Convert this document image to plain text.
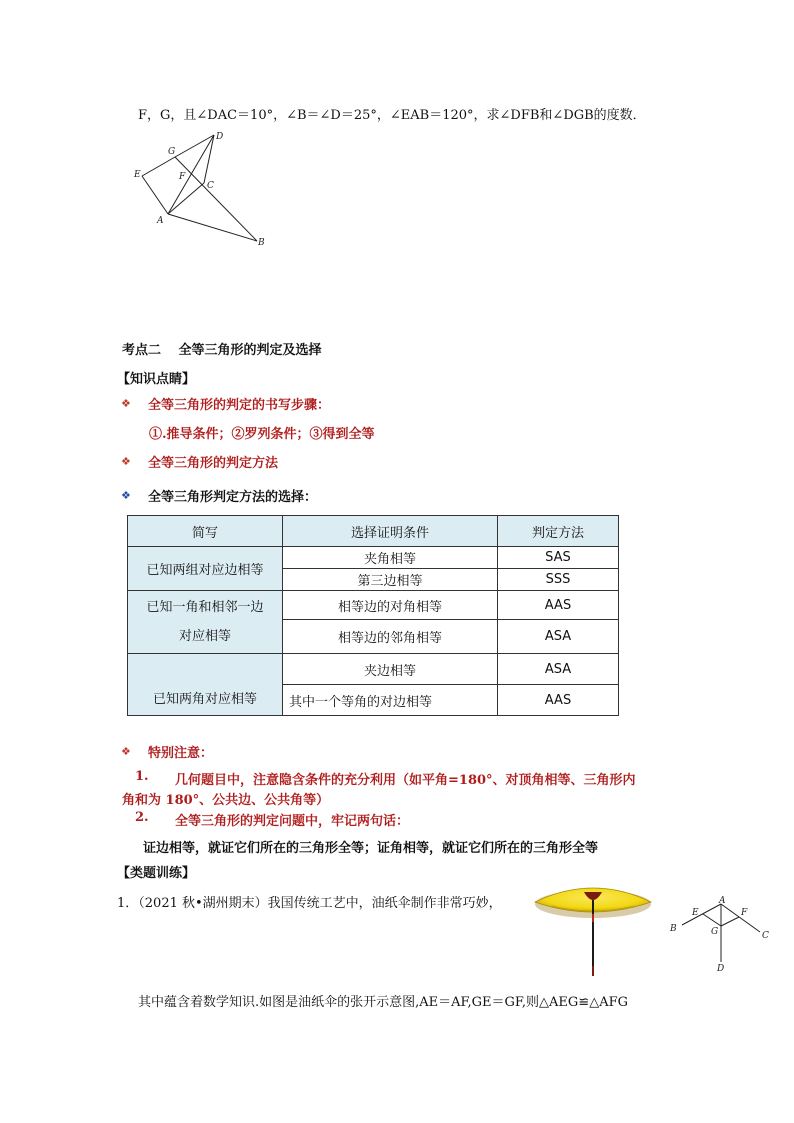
F，G，且∠DAC＝10°，∠B＝∠D＝25°，∠EAB＝120°，求∠DFB和∠DGB的度数．
D
G
E	F
C
A
B
考点二　 全等三角形的判定及选择
【知识点睛】
❖ 全等三角形的判定的书写步骤：
①.推导条件；②罗列条件；③得到全等
❖ 全等三角形的判定方法
❖ 全等三角形判定方法的选择：
简写	选择证明条件	判定方法
已知两组对应边相等	夹角相等	SAS
	第三边相等	SSS

已知一角和相邻一边
对应相等	相等边的对角相等	AAS
	相等边的邻角相等	ASA
已知两角对应相等	夹边相等	ASA
	其中一个等角的对边相等	AAS
❖ 特别注意：
1. 几何题目中，注意隐含条件的充分利用（如平角=180°、对顶角相等、三角形内
角和为 180°、公共边、公共角等）
2. 全等三角形的判定问题中，牢记两句话：
证边相等，就证它们所在的三角形全等；证角相等，就证它们所在的三角形全等
【类题训练】
1．（2021 秋•湖州期末）我国传统工艺中，油纸伞制作非常巧妙，	A
E	F
B	G	C
D
其中蕴含着数学知识.如图是油纸伞的张开示意图,AE＝AF,GE＝GF,则△AEG≌△AFG
